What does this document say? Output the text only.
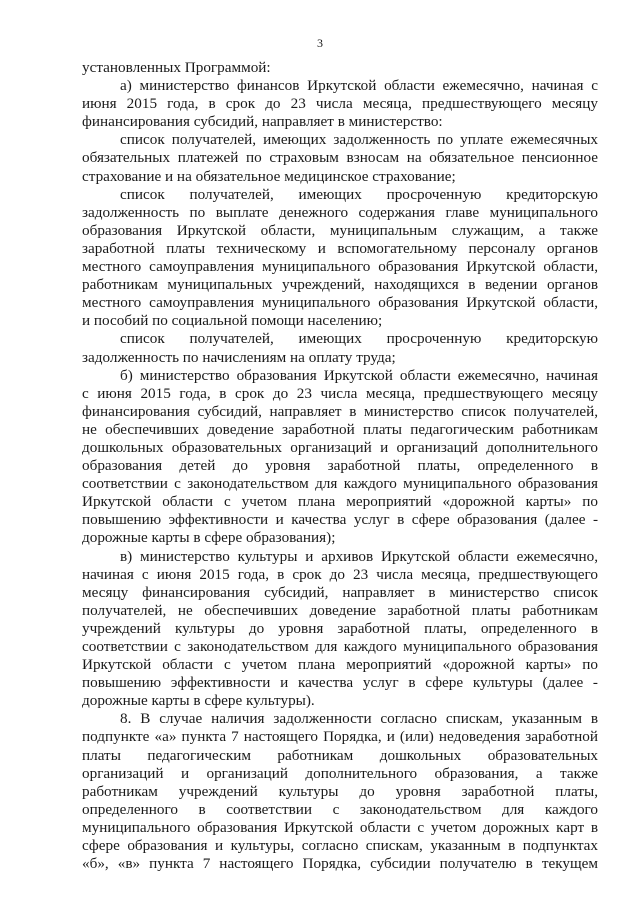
3
установленных Программой:
а) министерство финансов Иркутской области ежемесячно, начиная с
июня 2015 года, в срок до 23 числа месяца, предшествующего месяцу
финансирования субсидий, направляет в министерство:
список получателей, имеющих задолженность по уплате ежемесячных
обязательных платежей по страховым взносам на обязательное пенсионное
страхование и на обязательное медицинское страхование;
список получателей, имеющих просроченную кредиторскую
задолженность по выплате денежного содержания главе муниципального
образования Иркутской области, муниципальным служащим, а также
заработной платы техническому и вспомогательному персоналу органов
местного самоуправления муниципального образования Иркутской области,
работникам муниципальных учреждений, находящихся в ведении органов
местного самоуправления муниципального образования Иркутской области,
и пособий по социальной помощи населению;
список получателей, имеющих просроченную кредиторскую
задолженность по начислениям на оплату труда;
б) министерство образования Иркутской области ежемесячно, начиная
с июня 2015 года, в срок до 23 числа месяца, предшествующего месяцу
финансирования субсидий, направляет в министерство список получателей,
не обеспечивших доведение заработной платы педагогическим работникам
дошкольных образовательных организаций и организаций дополнительного
образования детей до уровня заработной платы, определенного в
соответствии с законодательством для каждого муниципального образования
Иркутской области с учетом плана мероприятий «дорожной карты» по
повышению эффективности и качества услуг в сфере образования (далее -
дорожные карты в сфере образования);
в) министерство культуры и архивов Иркутской области ежемесячно,
начиная с июня 2015 года, в срок до 23 числа месяца, предшествующего
месяцу финансирования субсидий, направляет в министерство список
получателей, не обеспечивших доведение заработной платы работникам
учреждений культуры до уровня заработной платы, определенного в
соответствии с законодательством для каждого муниципального образования
Иркутской области с учетом плана мероприятий «дорожной карты» по
повышению эффективности и качества услуг в сфере культуры (далее -
дорожные карты в сфере культуры).
8. В случае наличия задолженности согласно спискам, указанным в
подпункте «а» пункта 7 настоящего Порядка, и (или) недоведения заработной
платы педагогическим работникам дошкольных образовательных
организаций и организаций дополнительного образования, а также
работникам учреждений культуры до уровня заработной платы,
определенного в соответствии с законодательством для каждого
муниципального образования Иркутской области с учетом дорожных карт в
сфере образования и культуры, согласно спискам, указанным в подпунктах
«б», «в» пункта 7 настоящего Порядка, субсидии получателю в текущем
